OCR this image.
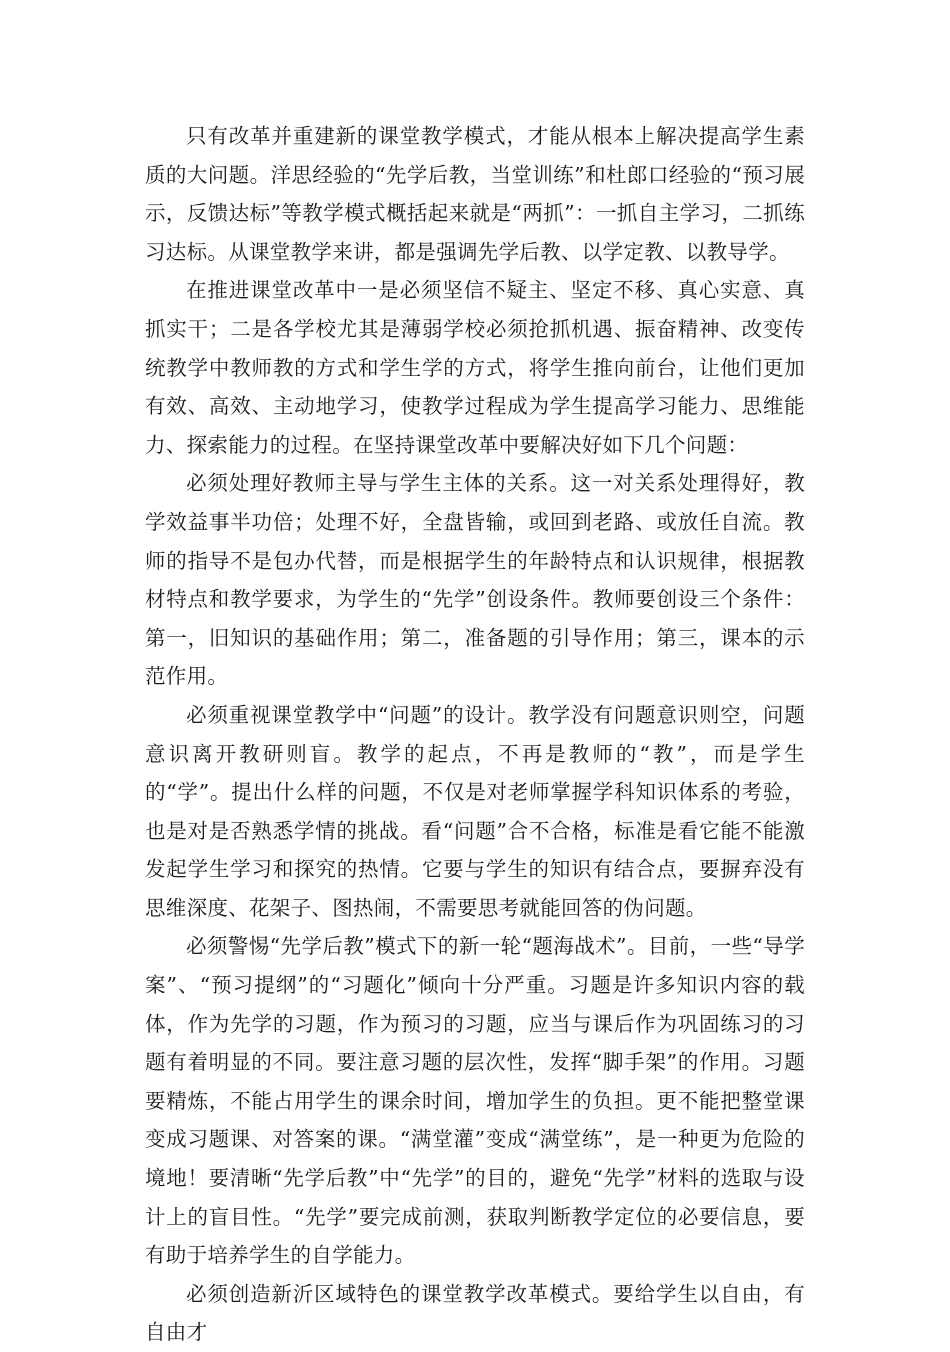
只有改革并重建新的课堂教学模式，才能从根本上解决提高学生素质的大问题。洋思经验的“先学后教，当堂训练”和杜郎口经验的“预习展示，反馈达标”等教学模式概括起来就是“两抓”：一抓自主学习，二抓练习达标。从课堂教学来讲，都是强调先学后教、以学定教、以教导学。

在推进课堂改革中一是必须坚信不疑主、坚定不移、真心实意、真抓实干；二是各学校尤其是薄弱学校必须抢抓机遇、振奋精神、改变传统教学中教师教的方式和学生学的方式，将学生推向前台，让他们更加有效、高效、主动地学习，使教学过程成为学生提高学习能力、思维能力、探索能力的过程。在坚持课堂改革中要解决好如下几个问题：

必须处理好教师主导与学生主体的关系。这一对关系处理得好，教学效益事半功倍；处理不好，全盘皆输，或回到老路、或放任自流。教师的指导不是包办代替，而是根据学生的年龄特点和认识规律，根据教材特点和教学要求，为学生的“先学”创设条件。教师要创设三个条件：第一，旧知识的基础作用；第二，准备题的引导作用；第三，课本的示范作用。

必须重视课堂教学中“问题”的设计。教学没有问题意识则空，问题意识离开教研则盲。教学的起点，不再是教师的“教”，而是学生的“学”。提出什么样的问题，不仅是对老师掌握学科知识体系的考验，也是对是否熟悉学情的挑战。看“问题”合不合格，标准是看它能不能激发起学生学习和探究的热情。它要与学生的知识有结合点，要摒弃没有思维深度、花架子、图热闹，不需要思考就能回答的伪问题。

必须警惕“先学后教”模式下的新一轮“题海战术”。目前，一些“导学案”、“预习提纲”的“习题化”倾向十分严重。习题是许多知识内容的载体，作为先学的习题，作为预习的习题，应当与课后作为巩固练习的习题有着明显的不同。要注意习题的层次性，发挥“脚手架”的作用。习题要精炼，不能占用学生的课余时间，增加学生的负担。更不能把整堂课变成习题课、对答案的课。“满堂灌”变成“满堂练”，是一种更为危险的境地！要清晰“先学后教”中“先学”的目的，避免“先学”材料的选取与设计上的盲目性。“先学”要完成前测，获取判断教学定位的必要信息，要有助于培养学生的自学能力。

必须创造新沂区域特色的课堂教学改革模式。要给学生以自由，有自由才
